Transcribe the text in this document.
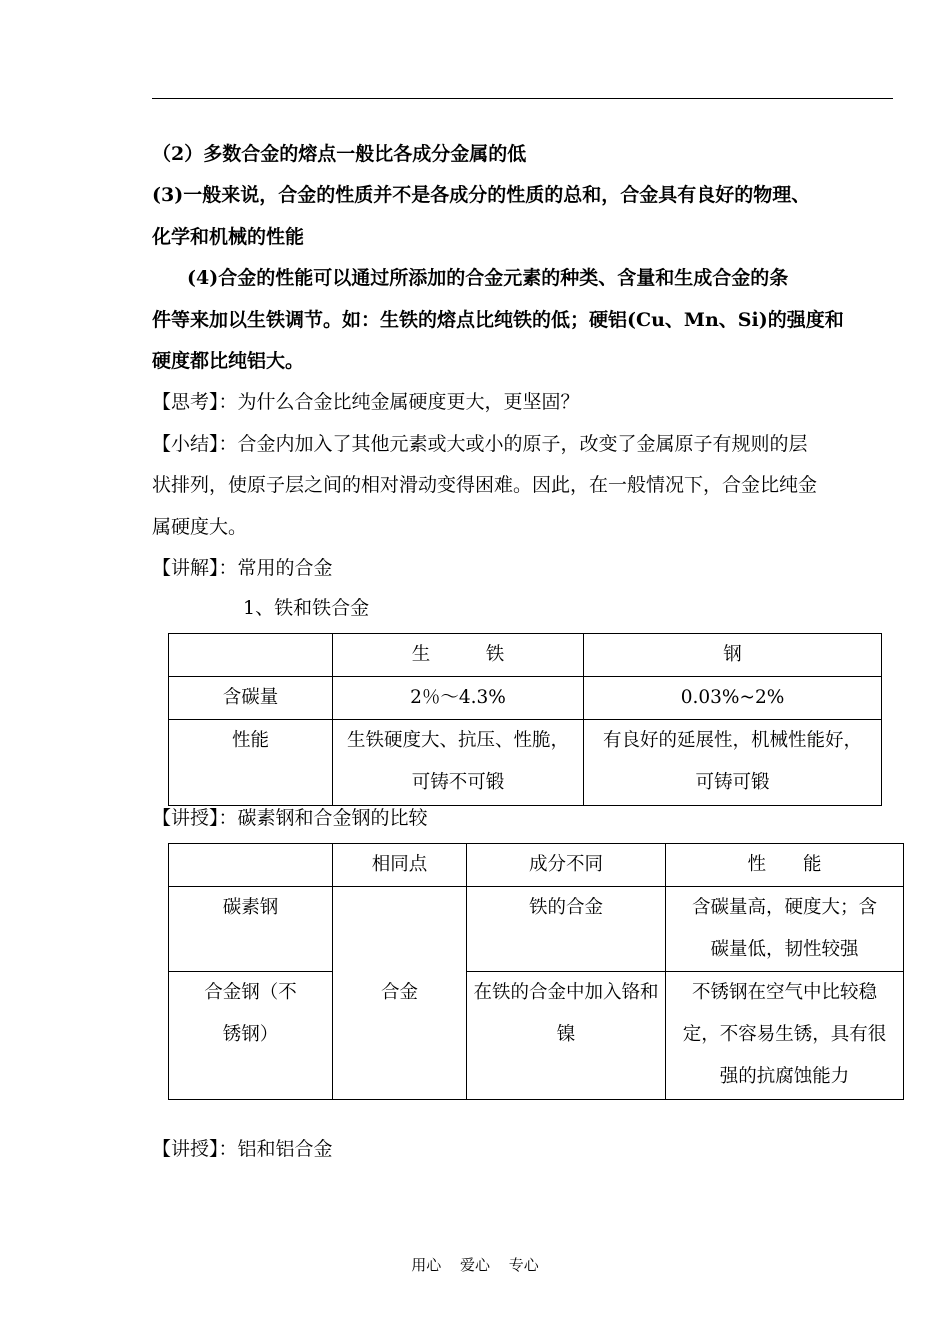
（2）多数合金的熔点一般比各成分金属的低
(3)一般来说，合金的性质并不是各成分的性质的总和，合金具有良好的物理、
化学和机械的性能
(4)合金的性能可以通过所添加的合金元素的种类、含量和生成合金的条
件等来加以生铁调节。如：生铁的熔点比纯铁的低；硬铝(Cu、Mn、Si)的强度和
硬度都比纯铝大。
【思考】：为什么合金比纯金属硬度更大，更坚固？
【小结】：合金内加入了其他元素或大或小的原子，改变了金属原子有规则的层
状排列，使原子层之间的相对滑动变得困难。因此，在一般情况下，合金比纯金
属硬度大。
【讲解】：常用的合金
1、铁和铁合金
	生　　　铁	钢
含碳量	2％～4.3%	0.03%~2%
性能	生铁硬度大、抗压、性脆，可铸不可锻	有良好的延展性，机械性能好，可铸可锻
【讲授】：碳素钢和合金钢的比较
	相同点	成分不同	性　　能
碳素钢	合金	铁的合金	含碳量高，硬度大；含碳量低，韧性较强
合金钢（不锈钢）		在铁的合金中加入铬和镍	不锈钢在空气中比较稳定，不容易生锈，具有很强的抗腐蚀能力
【讲授】：铝和铝合金
用心 爱心 专心
